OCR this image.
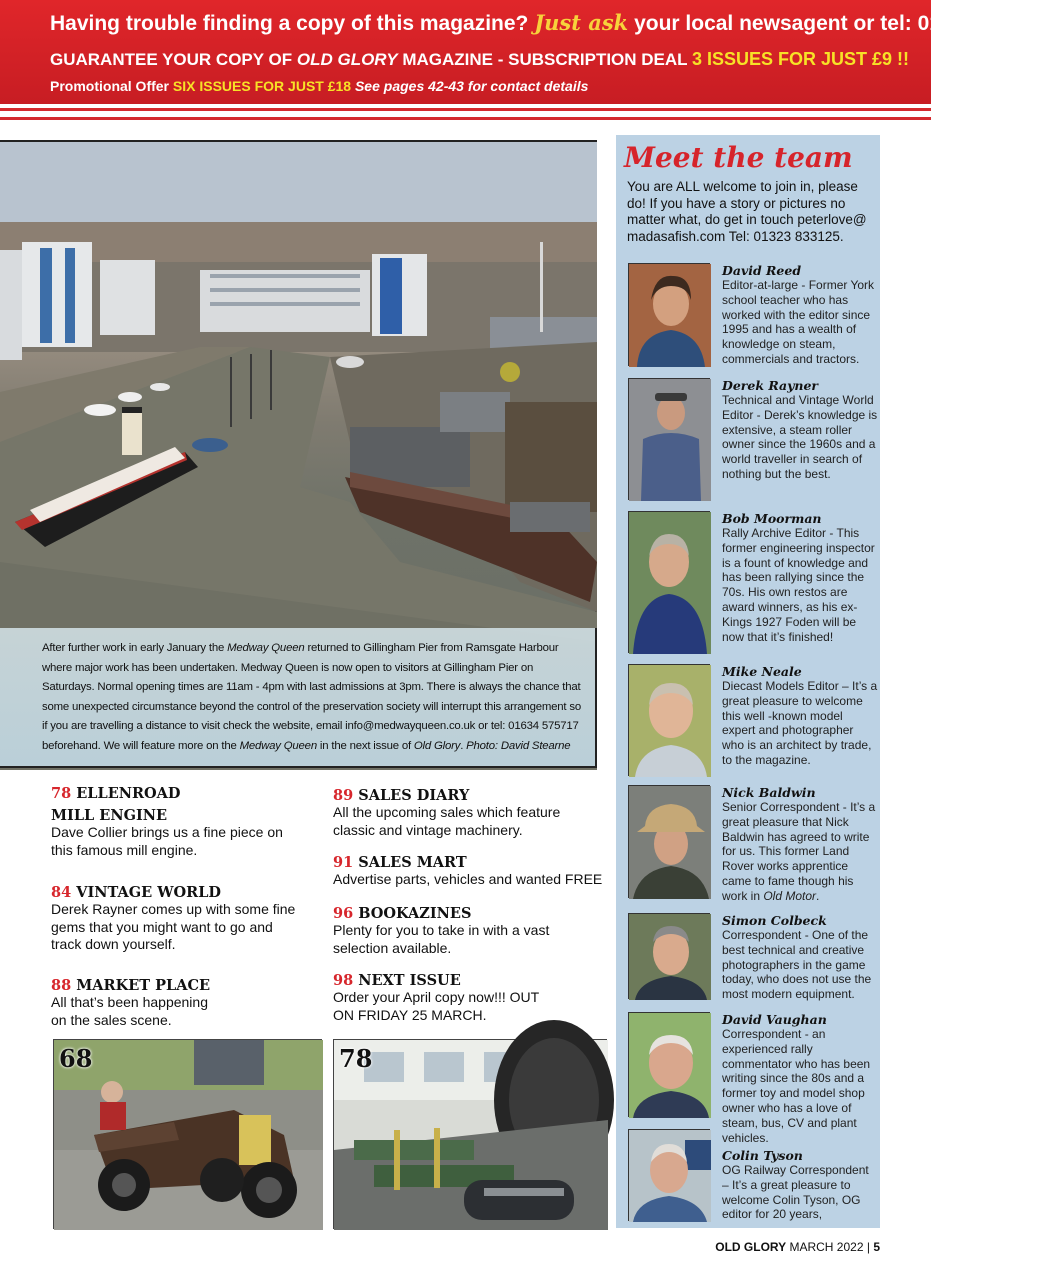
Having trouble finding a copy of this magazine? Just ask your local newsagent or tel: 01959 541444
GUARANTEE YOUR COPY OF OLD GLORY MAGAZINE - SUBSCRIPTION DEAL 3 ISSUES FOR JUST £9 !!
Promotional Offer SIX ISSUES FOR JUST £18 See pages 42-43 for contact details

After further work in early January the Medway Queen returned to Gillingham Pier from Ramsgate Harbour where major work has been undertaken. Medway Queen is now open to visitors at Gillingham Pier on Saturdays. Normal opening times are 11am - 4pm with last admissions at 3pm. There is always the chance that some unexpected circumstance beyond the control of the preservation society will interrupt this arrangement so if you are travelling a distance to visit check the website, email info@medwayqueen.co.uk or tel: 01634 575717 beforehand. We will feature more on the Medway Queen in the next issue of Old Glory. Photo: David Stearne

78 ELLENROAD

MILL ENGINE

Dave Collier brings us a fine piece on this famous mill engine.

84 VINTAGE WORLD

Derek Rayner comes up with some fine gems that you might want to go and track down yourself.

88 MARKET PLACE

All that’s been happening on the sales scene.

89 SALES DIARY

All the upcoming sales which feature classic and vintage machinery.

91 SALES MART

Advertise parts, vehicles and wanted FREE

96 BOOKAZINES

Plenty for you to take in with a vast selection available.

98 NEXT ISSUE

Order your April copy now!!! OUT ON FRIDAY 25 MARCH.

68	78
Meet the team
You are ALL welcome to join in, please do! If you have a story or pictures no matter what, do get in touch peterlove@ madasafish.com Tel: 01323 833125.
David Reed
Editor-at-large - Former York school teacher who has worked with the editor since 1995 and has a wealth of knowledge on steam, commercials and tractors.
Derek Rayner
Technical and Vintage World Editor - Derek’s knowledge is extensive, a steam roller owner since the 1960s and a world traveller in search of nothing but the best.
Bob Moorman
Rally Archive Editor - This former engineering inspector is a fount of knowledge and has been rallying since the 70s. His own restos are award winners, as his ex-Kings 1927 Foden will be now that it’s finished!
Mike Neale
Diecast Models Editor – It’s a great pleasure to welcome this well -known model expert and photographer who is an architect by trade, to the magazine.
Nick Baldwin
Senior Correspondent - It’s a great pleasure that Nick Baldwin has agreed to write for us. This former Land Rover works apprentice came to fame though his work in Old Motor.
Simon Colbeck
Correspondent - One of the best technical and creative photographers in the game today, who does not use the most modern equipment.
David Vaughan
Correspondent - an experienced rally commentator who has been writing since the 80s and a former toy and model shop owner who has a love of steam, bus, CV and plant vehicles.
Colin Tyson
OG Railway Correspondent – It’s a great pleasure to welcome Colin Tyson, OG editor for 20 years,
OLD GLORY MARCH 2022 | 5
